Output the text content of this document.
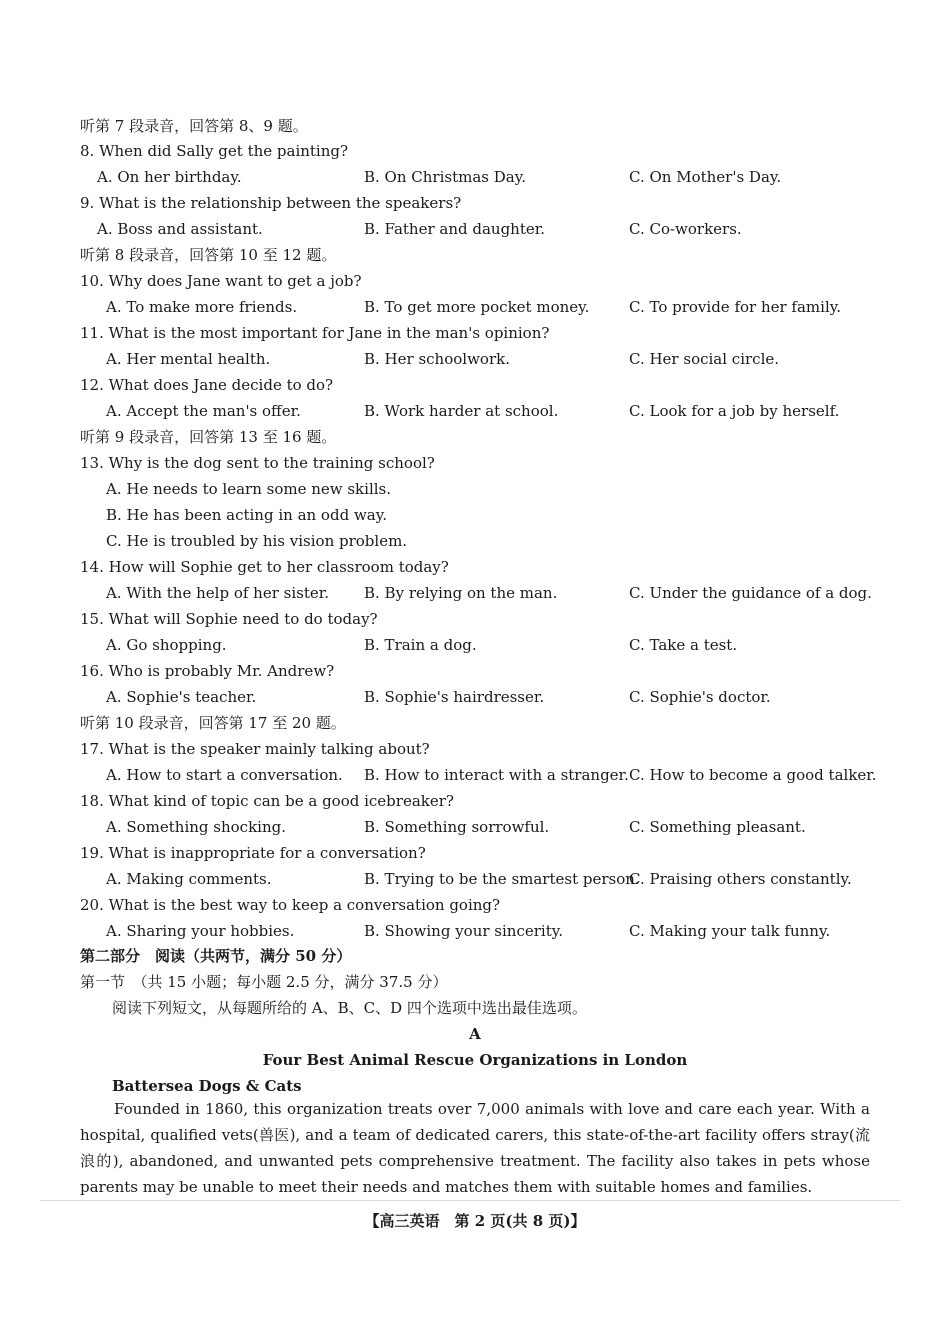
听第 7 段录音，回答第 8、9 题。
8. When did Sally get the painting?
A. On her birthday.	B. On Christmas Day.	C. On Mother's Day.
9. What is the relationship between the speakers?
A. Boss and assistant.	B. Father and daughter.	C. Co-workers.
听第 8 段录音，回答第 10 至 12 题。
10. Why does Jane want to get a job?
A. To make more friends.	B. To get more pocket money.	C. To provide for her family.
11. What is the most important for Jane in the man's opinion?
A. Her mental health.	B. Her schoolwork.	C. Her social circle.
12. What does Jane decide to do?
A. Accept the man's offer.	B. Work harder at school.	C. Look for a job by herself.
听第 9 段录音，回答第 13 至 16 题。
13. Why is the dog sent to the training school?
A. He needs to learn some new skills.
B. He has been acting in an odd way.
C. He is troubled by his vision problem.
14. How will Sophie get to her classroom today?
A. With the help of her sister. B. By relying on the man.	C. Under the guidance of a dog.
15. What will Sophie need to do today?
A. Go shopping.	B. Train a dog.	C. Take a test.
16. Who is probably Mr. Andrew?
A. Sophie's teacher.	B. Sophie's hairdresser.	C. Sophie's doctor.
听第 10 段录音，回答第 17 至 20 题。
17. What is the speaker mainly talking about?
A. How to start a conversation. B. How to interact with a stranger. C. How to become a good talker.
18. What kind of topic can be a good icebreaker?
A. Something shocking.	B. Something sorrowful.	C. Something pleasant.
19. What is inappropriate for a conversation?
A. Making comments.	B. Trying to be the smartest person.
C. Praising others constantly.
20. What is the best way to keep a conversation going?
A. Sharing your hobbies.	B. Showing your sincerity.	C. Making your talk funny.
第二部分　阅读（共两节，满分 50 分）
第一节　（共 15 小题；每小题 2.5 分，满分 37.5 分）
阅读下列短文，从每题所给的 A、B、C、D 四个选项中选出最佳选项。
A
Four Best Animal Rescue Organizations in London
Battersea Dogs & Cats

Founded in 1860, this organization treats over 7,000 animals with love and care each year. With a hospital, qualified vets(兽医), and a team of dedicated carers, this state-of-the-art facility offers stray(流浪的), abandoned, and unwanted pets comprehensive treatment. The facility also takes in pets whose parents may be unable to meet their needs and matches them with suitable homes and families.

【高三英语　第 2 页(共 8 页)】
